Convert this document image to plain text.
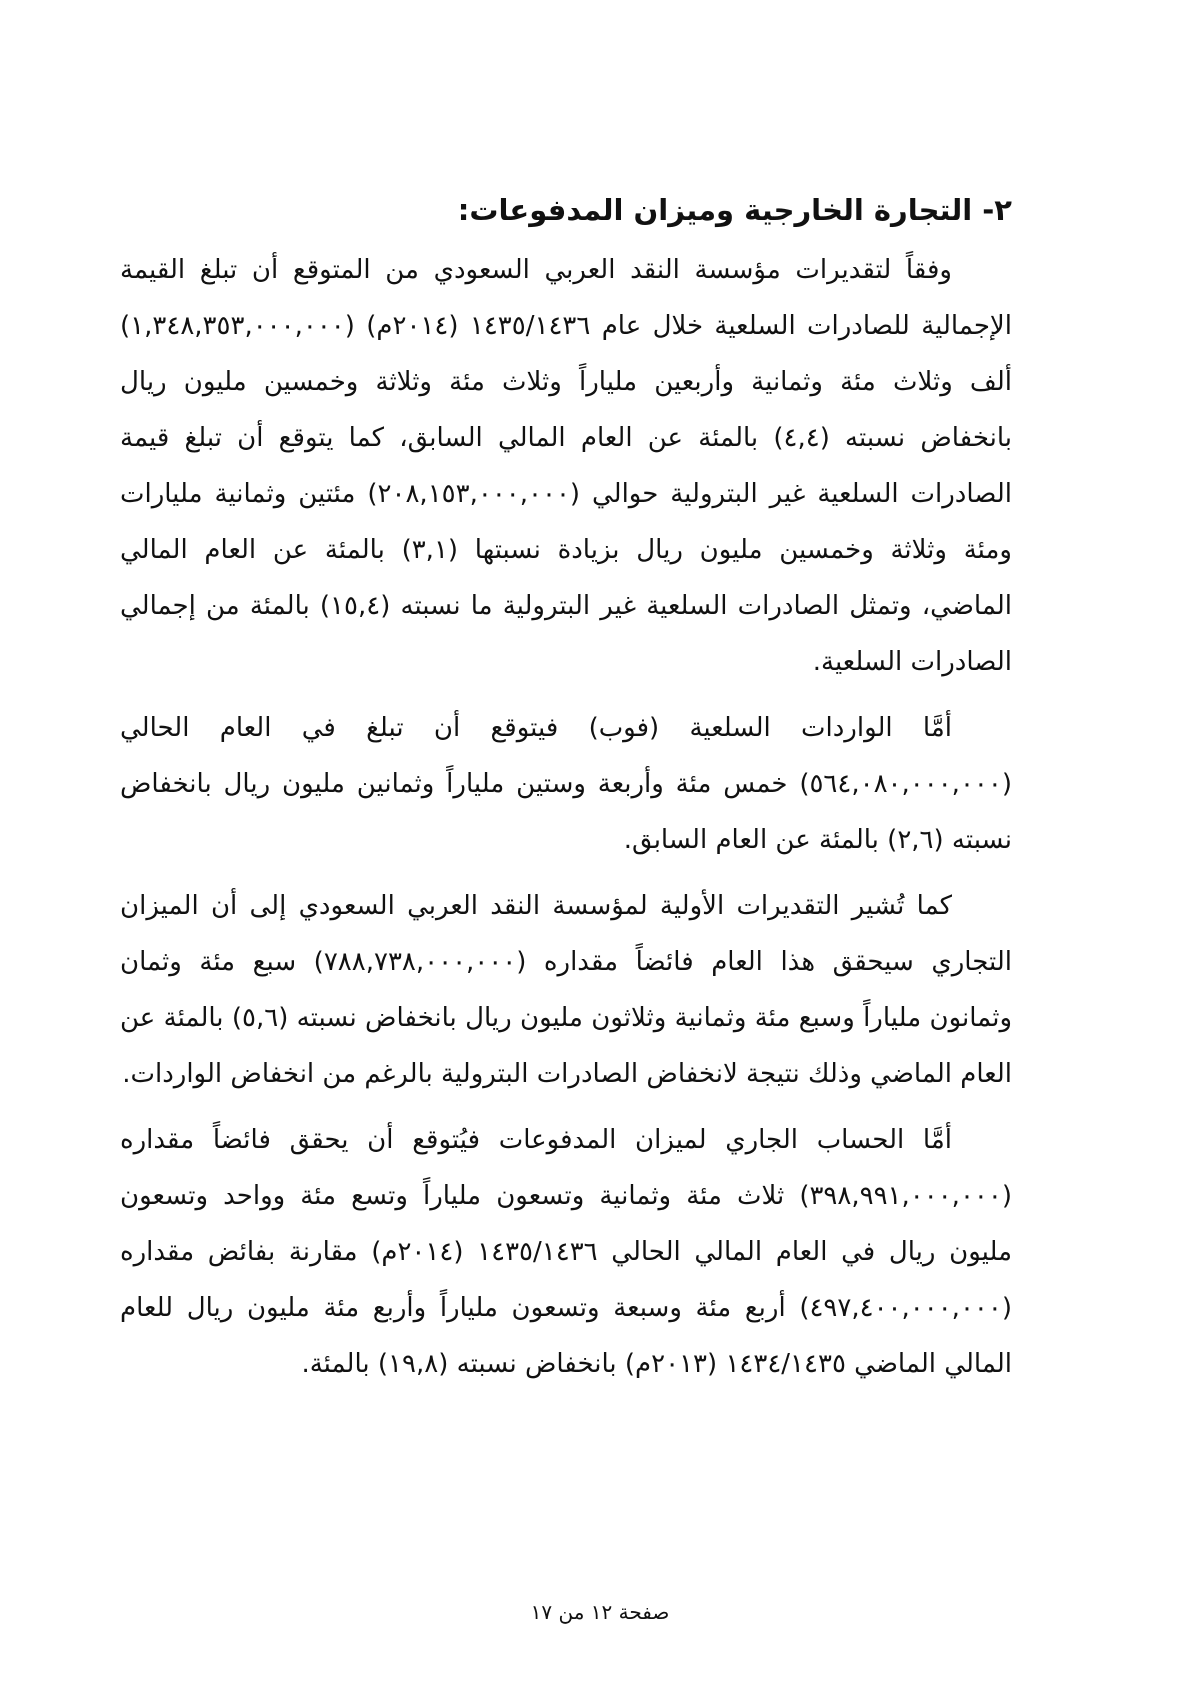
٢- التجارة الخارجية وميزان المدفوعات:

وفقاً لتقديرات مؤسسة النقد العربي السعودي من المتوقع أن تبلغ القيمة الإجمالية للصادرات السلعية خلال عام ١٤٣٥/١٤٣٦ (٢٠١٤م) (١,٣٤٨,٣٥٣,٠٠٠,٠٠٠) ألف وثلاث مئة وثمانية وأربعين ملياراً وثلاث مئة وثلاثة وخمسين مليون ريال بانخفاض نسبته (٤,٤) بالمئة عن العام المالي السابق، كما يتوقع أن تبلغ قيمة الصادرات السلعية غير البترولية حوالي (٢٠٨,١٥٣,٠٠٠,٠٠٠) مئتين وثمانية مليارات ومئة وثلاثة وخمسين مليون ريال بزيادة نسبتها (٣,١) بالمئة عن العام المالي الماضي، وتمثل الصادرات السلعية غير البترولية ما نسبته (١٥,٤) بالمئة من إجمالي الصادرات السلعية.

أمَّا الواردات السلعية (فوب) فيتوقع أن تبلغ في العام الحالي (٥٦٤,٠٨٠,٠٠٠,٠٠٠) خمس مئة وأربعة وستين ملياراً وثمانين مليون ريال بانخفاض نسبته (٢,٦) بالمئة عن العام السابق.

كما تُشير التقديرات الأولية لمؤسسة النقد العربي السعودي إلى أن الميزان التجاري سيحقق هذا العام فائضاً مقداره (٧٨٨,٧٣٨,٠٠٠,٠٠٠) سبع مئة وثمان وثمانون ملياراً وسبع مئة وثمانية وثلاثون مليون ريال بانخفاض نسبته (٥,٦) بالمئة عن العام الماضي وذلك نتيجة لانخفاض الصادرات البترولية بالرغم من انخفاض الواردات.

أمَّا الحساب الجاري لميزان المدفوعات فيُتوقع أن يحقق فائضاً مقداره (٣٩٨,٩٩١,٠٠٠,٠٠٠) ثلاث مئة وثمانية وتسعون ملياراً وتسع مئة وواحد وتسعون مليون ريال في العام المالي الحالي ١٤٣٥/١٤٣٦ (٢٠١٤م) مقارنة بفائض مقداره (٤٩٧,٤٠٠,٠٠٠,٠٠٠) أربع مئة وسبعة وتسعون ملياراً وأربع مئة مليون ريال للعام المالي الماضي ١٤٣٤/١٤٣٥ (٢٠١٣م) بانخفاض نسبته (١٩,٨) بالمئة.

صفحة ١٢ من ١٧
